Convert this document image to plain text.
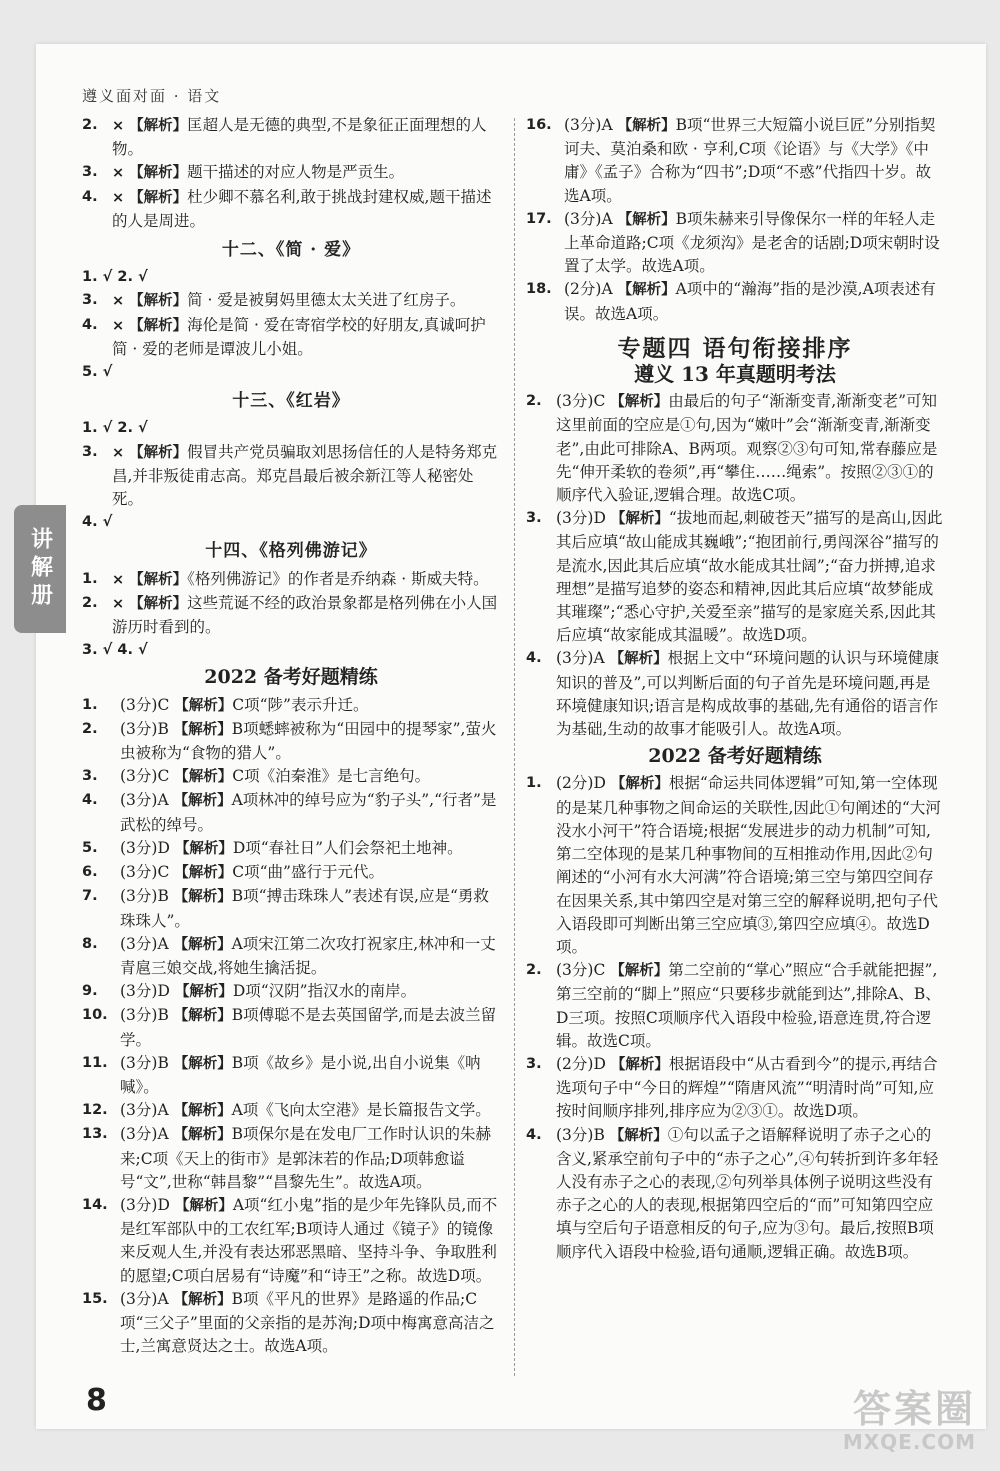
遵义面对面 · 语文
讲解册

2. × 【解析】匡超人是无德的典型,不是象征正面理想的人物。

3. × 【解析】题干描述的对应人物是严贡生。

4. × 【解析】杜少卿不慕名利,敢于挑战封建权威,题干描述的人是周进。

十二、《简 · 爱》
1. √ 2. √

3. × 【解析】简 · 爱是被舅妈里德太太关进了红房子。

4. × 【解析】海伦是简 · 爱在寄宿学校的好朋友,真诚呵护简 · 爱的老师是谭波儿小姐。

5. √
十三、《红岩》
1. √ 2. √

3. × 【解析】假冒共产党员骗取刘思扬信任的人是特务郑克昌,并非叛徒甫志高。郑克昌最后被余新江等人秘密处死。

4. √
十四、《格列佛游记》

1. × 【解析】《格列佛游记》的作者是乔纳森 · 斯威夫特。

2. × 【解析】这些荒诞不经的政治景象都是格列佛在小人国游历时看到的。

3. √ 4. √
2022 备考好题精练

1. (3分)C 【解析】C项“陟”表示升迁。

2. (3分)B 【解析】B项蟋蟀被称为“田园中的提琴家”,萤火虫被称为“食物的猎人”。

3. (3分)C 【解析】C项《泊秦淮》是七言绝句。

4. (3分)A 【解析】A项林冲的绰号应为“豹子头”,“行者”是武松的绰号。

5. (3分)D 【解析】D项“春社日”人们会祭祀土地神。

6. (3分)C 【解析】C项“曲”盛行于元代。

7. (3分)B 【解析】B项“搏击珠珠人”表述有误,应是“勇救珠珠人”。

8. (3分)A 【解析】A项宋江第二次攻打祝家庄,林冲和一丈青扈三娘交战,将她生擒活捉。

9. (3分)D 【解析】D项“汉阴”指汉水的南岸。

10. (3分)B 【解析】B项傅聪不是去英国留学,而是去波兰留学。

11. (3分)B 【解析】B项《故乡》是小说,出自小说集《呐喊》。

12. (3分)A 【解析】A项《飞向太空港》是长篇报告文学。

13. (3分)A 【解析】B项保尔是在发电厂工作时认识的朱赫来;C项《天上的街市》是郭沫若的作品;D项韩愈谥号“文”,世称“韩昌黎”“昌黎先生”。故选A项。

14. (3分)D 【解析】A项“红小鬼”指的是少年先锋队员,而不是红军部队中的工农红军;B项诗人通过《镜子》的镜像来反观人生,并没有表达邪恶黑暗、坚持斗争、争取胜利的愿望;C项白居易有“诗魔”和“诗王”之称。故选D项。

15. (3分)A 【解析】B项《平凡的世界》是路遥的作品;C项“三父子”里面的父亲指的是苏洵;D项中梅寓意高洁之士,兰寓意贤达之士。故选A项。

16. (3分)A 【解析】B项“世界三大短篇小说巨匠”分别指契诃夫、莫泊桑和欧 · 亨利,C项《论语》与《大学》《中庸》《孟子》合称为“四书”;D项“不惑”代指四十岁。故选A项。

17. (3分)A 【解析】B项朱赫来引导像保尔一样的年轻人走上革命道路;C项《龙须沟》是老舍的话剧;D项宋朝时设置了太学。故选A项。

18. (2分)A 【解析】A项中的“瀚海”指的是沙漠,A项表述有误。故选A项。

专题四 语句衔接排序
遵义 13 年真题明考法

2. (3分)C 【解析】由最后的句子“渐渐变青,渐渐变老”可知这里前面的空应是①句,因为“嫩叶”会“渐渐变青,渐渐变老”,由此可排除A、B两项。观察②③句可知,常春藤应是先“伸开柔软的卷须”,再“攀住……绳索”。按照②③①的顺序代入验证,逻辑合理。故选C项。

3. (3分)D 【解析】“拔地而起,刺破苍天”描写的是高山,因此其后应填“故山能成其巍峨”;“抱团前行,勇闯深谷”描写的是流水,因此其后应填“故水能成其壮阔”;“奋力拼搏,追求理想”是描写追梦的姿态和精神,因此其后应填“故梦能成其璀璨”;“悉心守护,关爱至亲”描写的是家庭关系,因此其后应填“故家能成其温暖”。故选D项。

4. (3分)A 【解析】根据上文中“环境问题的认识与环境健康知识的普及”,可以判断后面的句子首先是环境问题,再是环境健康知识;语言是构成故事的基础,先有通俗的语言作为基础,生动的故事才能吸引人。故选A项。

2022 备考好题精练

1. (2分)D 【解析】根据“命运共同体逻辑”可知,第一空体现的是某几种事物之间命运的关联性,因此①句阐述的“大河没水小河干”符合语境;根据“发展进步的动力机制”可知,第二空体现的是某几种事物间的互相推动作用,因此②句阐述的“小河有水大河满”符合语境;第三空与第四空间存在因果关系,其中第四空是对第三空的解释说明,把句子代入语段即可判断出第三空应填③,第四空应填④。故选D项。

2. (3分)C 【解析】第二空前的“掌心”照应“合手就能把握”,第三空前的“脚上”照应“只要移步就能到达”,排除A、B、D三项。按照C项顺序代入语段中检验,语意连贯,符合逻辑。故选C项。

3. (2分)D 【解析】根据语段中“从古看到今”的提示,再结合选项句子中“今日的辉煌”“隋唐风流”“明清时尚”可知,应按时间顺序排列,排序应为②③①。故选D项。

4. (3分)B 【解析】①句以孟子之语解释说明了赤子之心的含义,紧承空前句子中的“赤子之心”,④句转折到许多年轻人没有赤子之心的表现,②句列举具体例子说明这些没有赤子之心的人的表现,根据第四空后的“而”可知第四空应填与空后句子语意相反的句子,应为③句。最后,按照B项顺序代入语段中检验,语句通顺,逻辑正确。故选B项。

8	答案圈
MXQE.COM
